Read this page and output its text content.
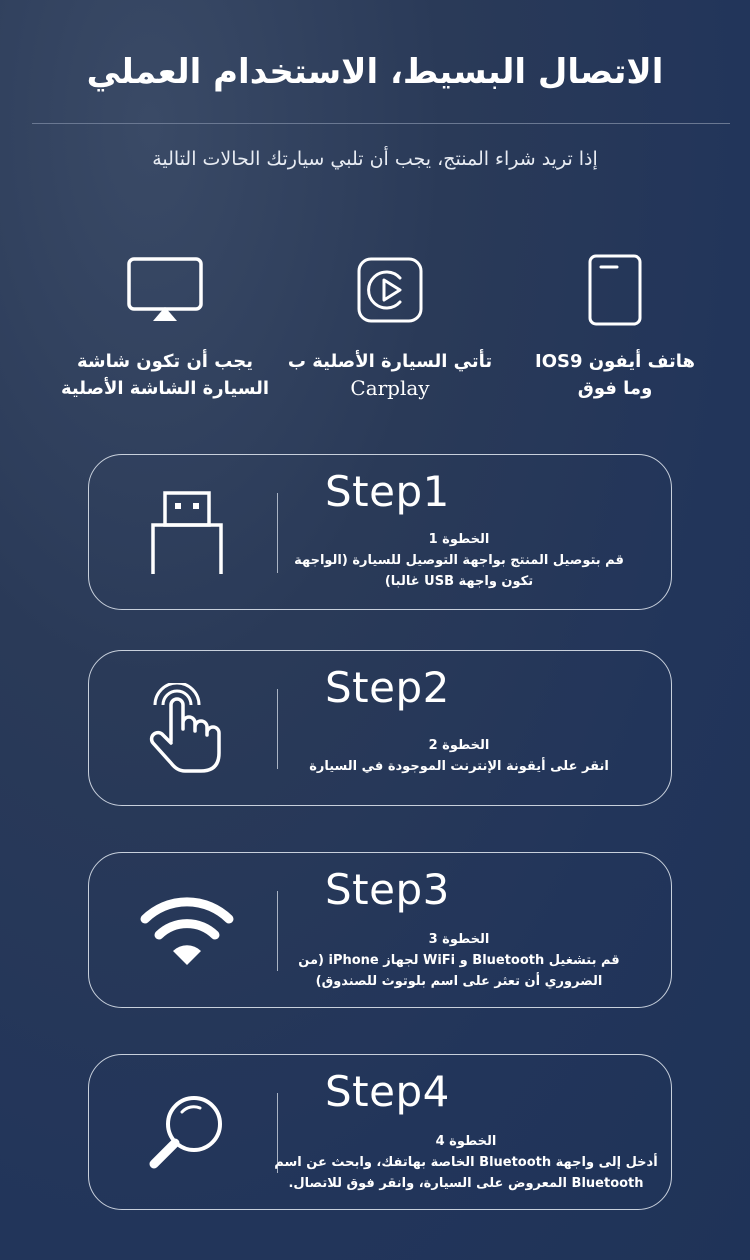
الاتصال البسيط، الاستخدام العملي
إذا تريد شراء المنتج، يجب أن تلبي سيارتك الحالات التالية
هاتف أيفون IOS9
وما فوق
تأتي السيارة الأصلية ب
Carplay
يجب أن تكون شاشة
السيارة الشاشة الأصلية
Step1
الخطوة 1
قم بتوصيل المنتج بواجهة التوصيل للسيارة (الواجهة
تكون واجهة USB غالبا)
Step2
الخطوة 2
انقر على أيقونة الإنترنت الموجودة في السيارة
Step3
الخطوة 3
قم بتشغيل Bluetooth و WiFi لجهاز iPhone (من
الضروري أن تعثر على اسم بلوتوث للصندوق)
Step4
الخطوة 4
أدخل إلى واجهة Bluetooth الخاصة بهاتفك، وابحث عن اسم
Bluetooth المعروض على السيارة، وانقر فوق للاتصال.
